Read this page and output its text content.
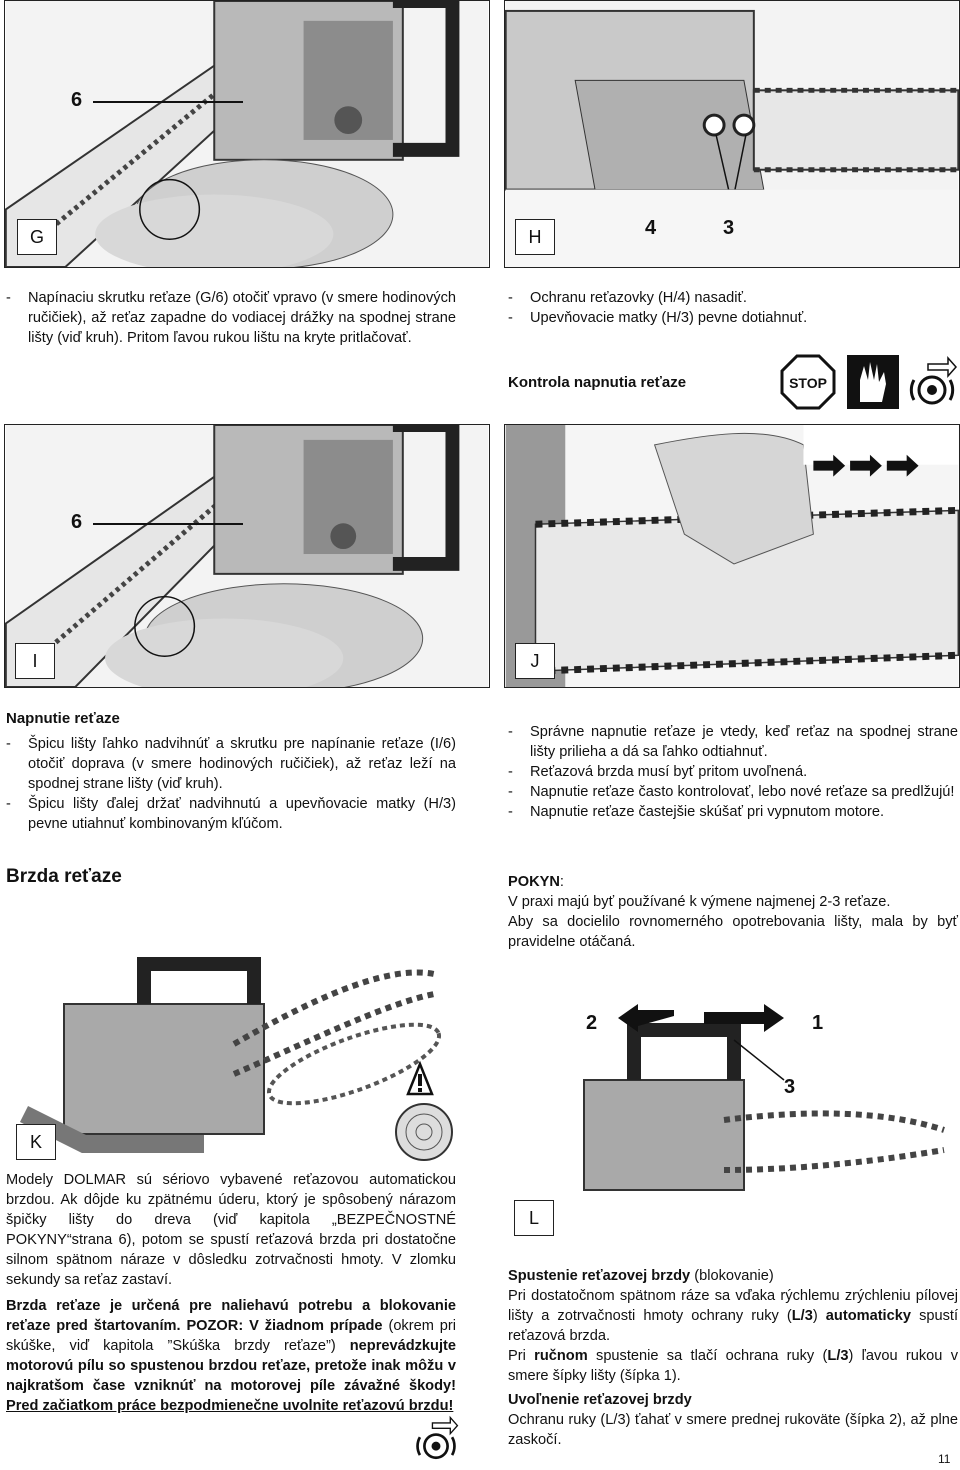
6
G	4	3
H
-	Napínaciu skrutku reťaze (G/6) otočiť vpravo (v smere hodinových ručičiek), až reťaz zapadne do vodiacej drážky na spodnej strane lišty (viď kruh). Pritom ľavou rukou lištu na kryte pritlačovať.
-	Ochranu reťazovky (H/4) nasadiť.
-	Upevňovacie matky (H/3) pevne dotiahnuť.
Kontrola napnutia reťaze	STOP
6
I	J
Napnutie reťaze
-	Špicu lišty ľahko nadvihnúť a skrutku pre napínanie reťaze (I/6) otočiť doprava (v smere hodinových ručičiek), až reťaz leží na spodnej strane lišty (viď kruh).
-	Špicu lišty ďalej držať nadvihnutú a upevňovacie matky (H/3) pevne utiahnuť kombinovaným kľúčom.
-	Správne napnutie reťaze je vtedy, keď reťaz na spodnej strane lišty prilieha a dá sa ľahko odtiahnuť.
-	Reťazová brzda musí byť pritom uvoľnená.
-	Napnutie reťaze často kontrolovať, lebo nové reťaze sa predlžujú!
-	Napnutie reťaze častejšie skúšať pri vypnutom motore.
Brzda reťaze	POKYN:

V praxi majú byť používané k výmene najmenej 2-3 reťaze.

Aby sa docielilo rovnomerného opotrebovania lišty, mala by byť pravidelne otáčaná.

K
2	1
3
L

Modely DOLMAR sú sériovo vybavené reťazovou automatickou brzdou. Ak dôjde ku zpätnému úderu, ktorý je spôsobený nárazom špičky lišty do dreva (viď kapitola „BEZPEČNOSTNÉ POKYNY“strana 6), potom se spustí reťazová brzda pri dostatočne silnom spätnom náraze v dôsledku zotrvačnosti hmoty. V zlomku sekundy sa reťaz zastaví.

Brzda reťaze je určená pre naliehavú potrebu a blokovanie reťaze pred štartovaním. POZOR: V žiadnom prípade (okrem pri skúške, viď kapitola ”Skúška brzdy reťaze”) neprevádzkujte motorovú pílu so spustenou brzdou reťaze, pretože inak môžu v najkratšom čase vzniknúť na motorovej píle závažné škody! Pred začiatkom práce bezpodmienečne uvolnite reťazovú brzdu!

Spustenie reťazovej brzdy (blokovanie)

Pri dostatočnom spätnom ráze sa vďaka rýchlemu zrýchleniu pílovej lišty a zotrvačnosti hmoty ochrany ruky (L/3) automaticky spustí reťazová brzda.

Pri ručnom spustenie sa tlačí ochrana ruky (L/3) ľavou rukou v smere šípky lišty (šípka 1).

Uvoľnenie reťazovej brzdy

Ochranu ruky (L/3) ťahať v smere prednej rukoväte (šípka 2), až plne zaskočí.

11
